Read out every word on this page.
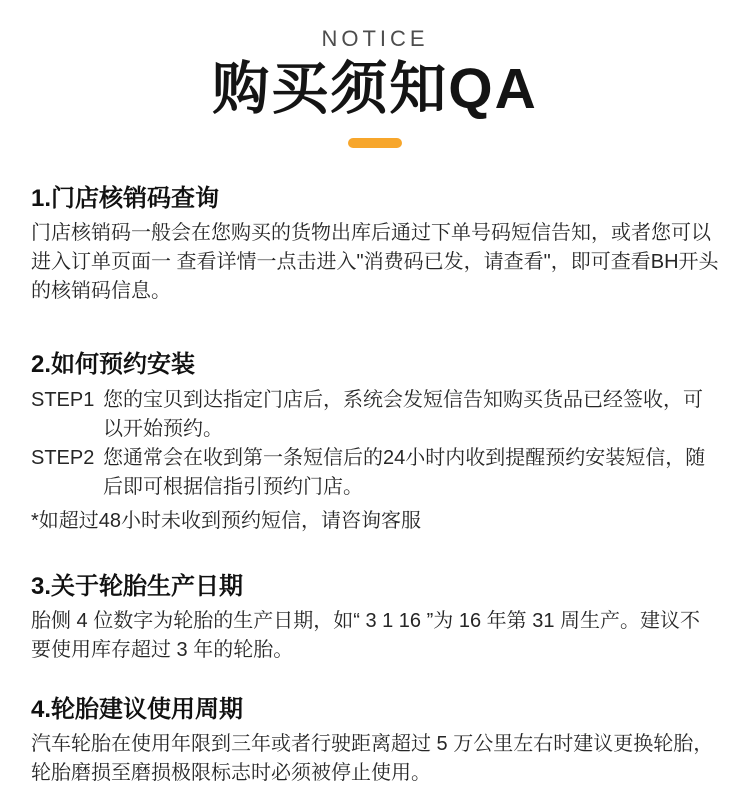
NOTICE
购买须知QA
1.门店核销码查询

门店核销码一般会在您购买的货物出库后通过下单号码短信告知，或者您可以进入订单页面一 查看详情一点击进入"消费码已发，请查看"，即可查看BH开头的核销码信息。

2.如何预约安装
STEP1 您的宝贝到达指定门店后，系统会发短信告知购买货品已经签收，可以开始预约。
STEP2 您通常会在收到第一条短信后的24小时内收到提醒预约安装短信，随后即可根据信指引预约门店。

*如超过48小时未收到预约短信，请咨询客服

3.关于轮胎生产日期

胎侧 4 位数字为轮胎的生产日期，如“ 3 1 16 ”为 16 年第 31 周生产。建议不要使用库存超过 3 年的轮胎。

4.轮胎建议使用周期

汽车轮胎在使用年限到三年或者行驶距离超过 5 万公里左右时建议更换轮胎，轮胎磨损至磨损极限标志时必须被停止使用。
